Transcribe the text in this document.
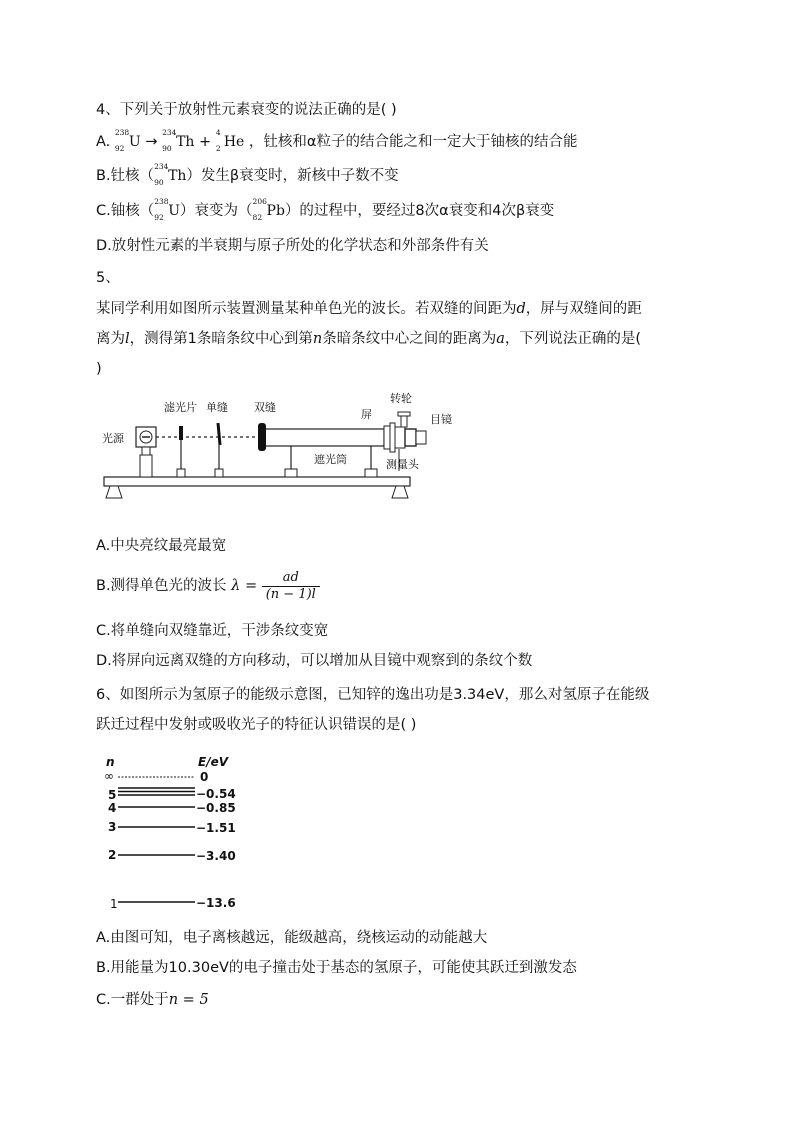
4、下列关于放射性元素衰变的说法正确的是( )
A.
238
92 U →
234
90 Th +
4
2 He ，钍核和α粒子的结合能之和一定大于铀核的结合能
B.钍核（
234
90 Th）发生β衰变时，新核中子数不变
C.铀核（
238
92 U）衰变为（
206
82 Pb）的过程中，要经过8次α衰变和4次β衰变
D.放射性元素的半衰期与原子所处的化学状态和外部条件有关
5、
某同学利用如图所示装置测量某种单色光的波长。若双缝的间距为d，屏与双缝间的距
离为l，测得第1条暗条纹中心到第n条暗条纹中心之间的距离为a，下列说法正确的是(
)
光源
滤光片 单缝 双缝
屏
转轮
目镜
遮光筒	测量头
A.中央亮纹最亮最宽
B.测得单色光的波长 $\lambda = \frac{ad}{(n - 1)l}$
C.将单缝向双缝靠近，干涉条纹变宽
D.将屏向远离双缝的方向移动，可以增加从目镜中观察到的条纹个数
6、如图所示为氢原子的能级示意图，已知锌的逸出功是3.34eV，那么对氢原子在能级
跃迁过程中发射或吸收光子的特征认识错误的是( )
n	E/eV
∞	0
5	−0.54
4	−0.85
3	−1.51
2	−3.40
1	−13.6
A.由图可知，电子离核越远，能级越高，绕核运动的动能越大
B.用能量为10.30eV的电子撞击处于基态的氢原子，可能使其跃迁到激发态
C.一群处于n = 5
